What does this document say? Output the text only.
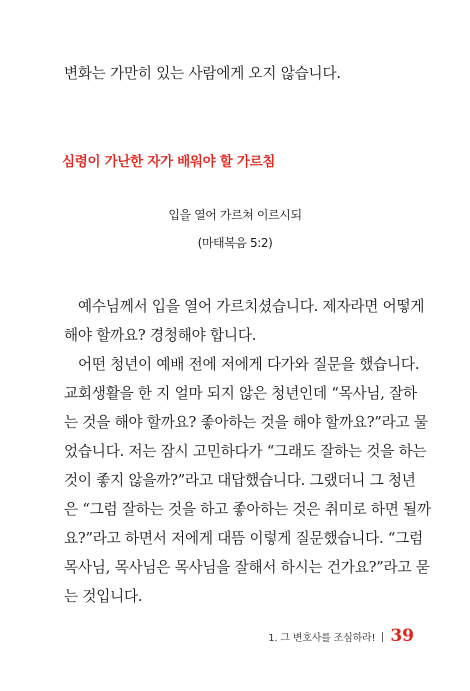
변화는 가만히 있는 사람에게 오지 않습니다.
심령이 가난한 자가 배워야 할 가르침
입을 열어 가르쳐 이르시되
(마태복음 5:2)
예수님께서 입을 열어 가르치셨습니다. 제자라면 어떻게
해야 할까요? 경청해야 합니다.
어떤 청년이 예배 전에 저에게 다가와 질문을 했습니다.
교회생활을 한 지 얼마 되지 않은 청년인데 “목사님, 잘하
는 것을 해야 할까요? 좋아하는 것을 해야 할까요?”라고 물
었습니다. 저는 잠시 고민하다가 “그래도 잘하는 것을 하는
것이 좋지 않을까?”라고 대답했습니다. 그랬더니 그 청년
은 “그럼 잘하는 것을 하고 좋아하는 것은 취미로 하면 될까
요?”라고 하면서 저에게 대뜸 이렇게 질문했습니다. “그럼
목사님, 목사님은 목사님을 잘해서 하시는 건가요?”라고 묻
는 것입니다.
1. 그 변호사를 조심하라! 39
